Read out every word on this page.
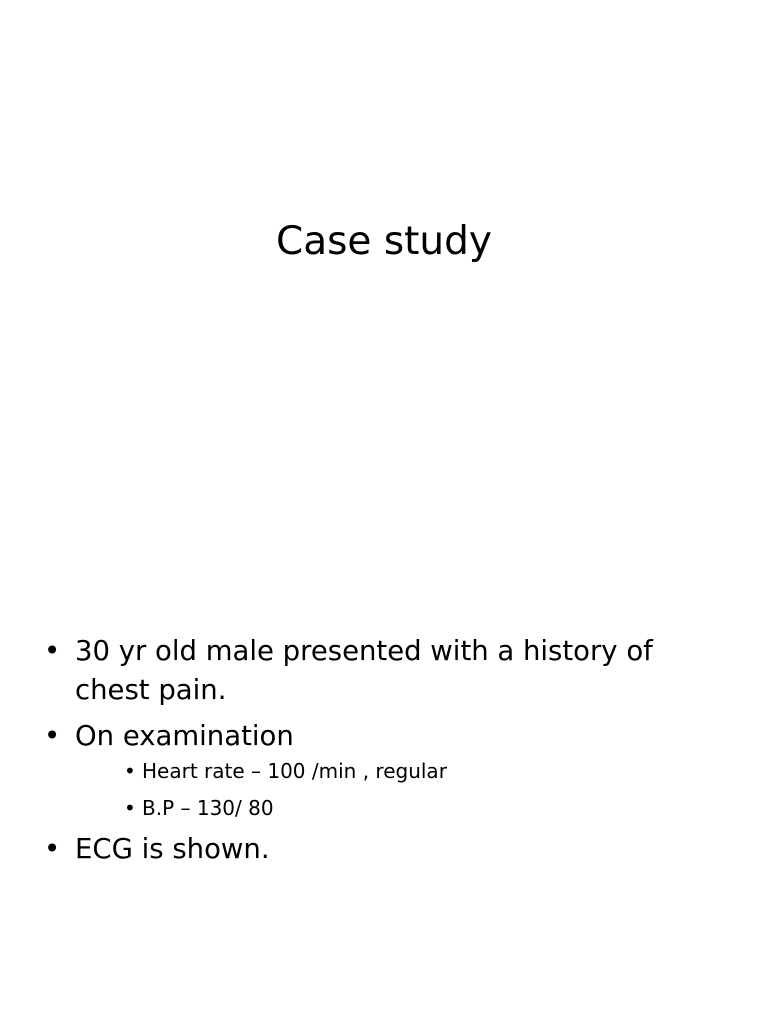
Case study
• 30 yr old male presented with a history of chest pain.
• On examination
• Heart rate – 100 /min , regular
• B.P – 130/ 80
• ECG is shown.
